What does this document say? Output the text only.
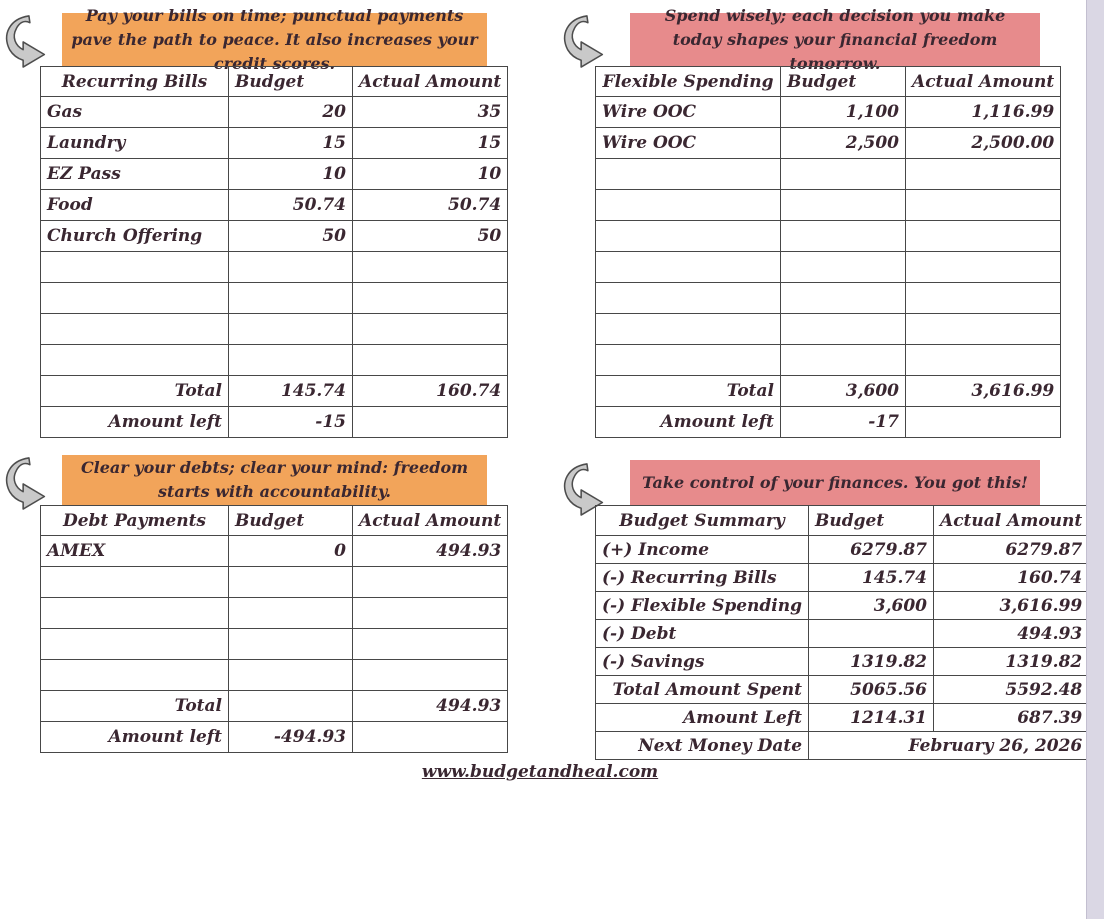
Pay your bills on time; punctual payments pave the path to peace. It also increases your credit scores.
Recurring Bills	Budget	Actual Amount
Gas	20	35
Laundry	15	15
EZ Pass	10	10
Food	50.74	50.74
Church Offering	50	50

Total	145.74	160.74
Amount left	-15	
Spend wisely; each decision you make today shapes your financial freedom tomorrow.
Flexible Spending	Budget	Actual Amount
Wire OOC	1,100	1,116.99
Wire OOC	2,500	2,500.00

Total	3,600	3,616.99
Amount left	-17	
Clear your debts; clear your mind: freedom starts with accountability.
Debt Payments	Budget	Actual Amount
AMEX	0	494.93

Total		494.93
Amount left	-494.93	
Take control of your finances. You got this!
Budget Summary	Budget	Actual Amount
(+) Income	6279.87	6279.87
(-) Recurring Bills	145.74	160.74
(-) Flexible Spending	3,600	3,616.99
(-) Debt		494.93
(-) Savings	1319.82	1319.82
Total Amount Spent	5065.56	5592.48
Amount Left	1214.31	687.39
Next Money Date	February 26, 2026	
www.budgetandheal.com
